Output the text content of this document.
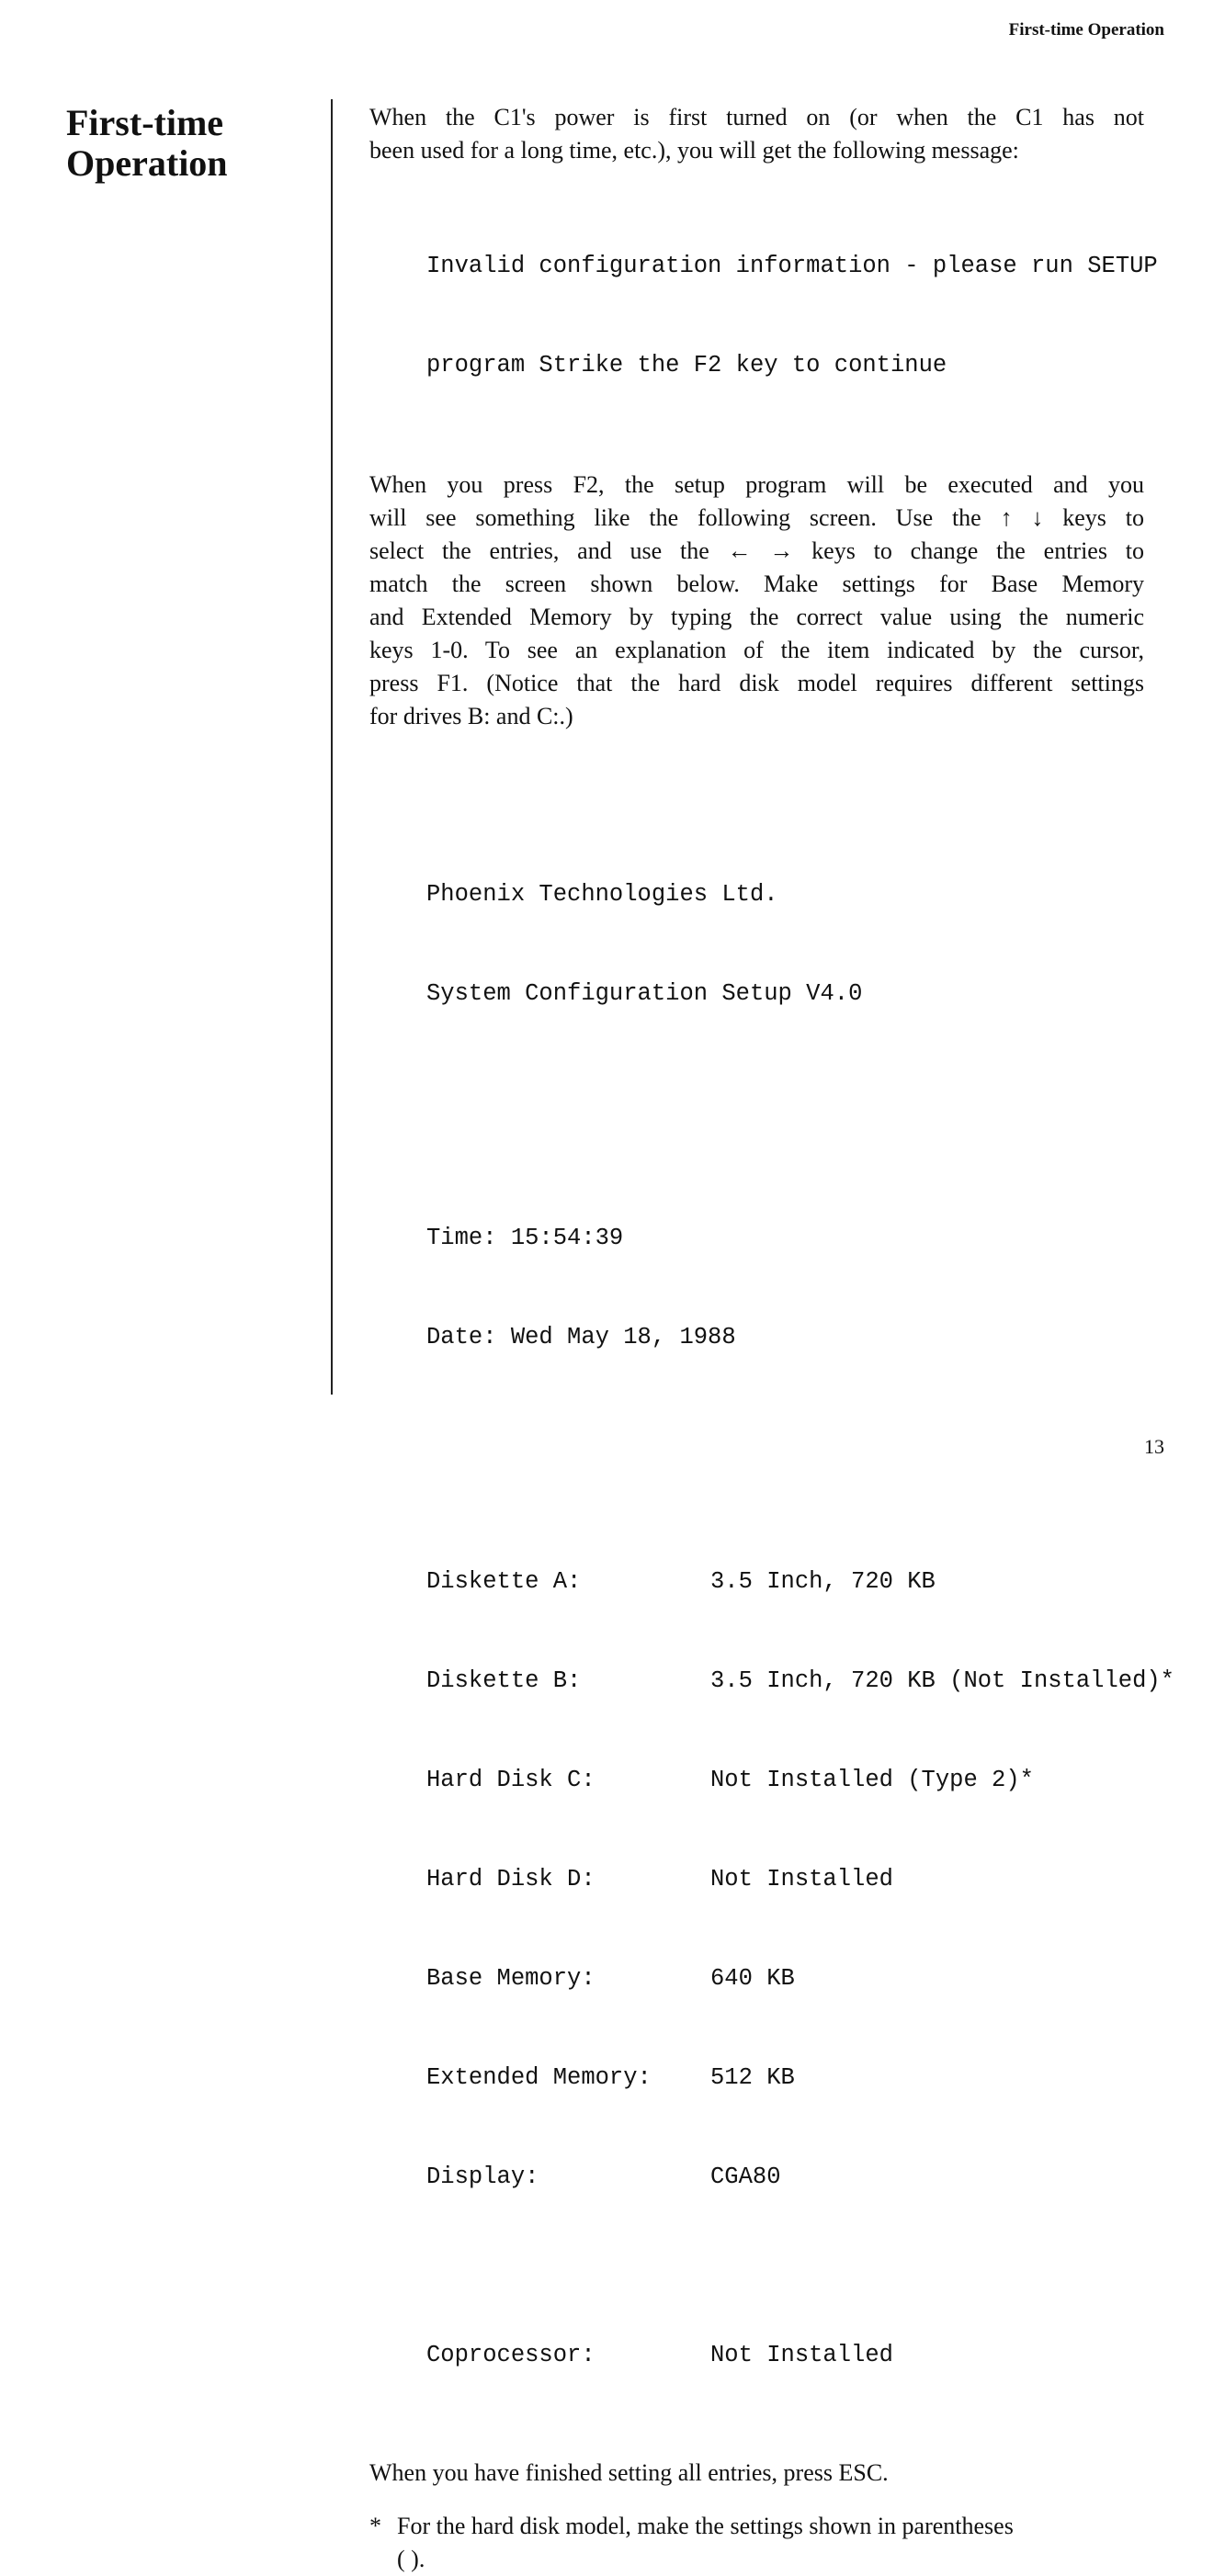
First-time Operation
First-time
Operation

When the C1's power is first turned on (or when the C1 has not
been used for a long time, etc.), you will get the following message:

Invalid configuration information - please run SETUP

program Strike the F2 key to continue

When you press F2, the setup program will be executed and you
will see something like the following screen. Use the ↑ ↓ keys to
select the entries, and use the ← → keys to change the entries to
match the screen shown below. Make settings for Base Memory
and Extended Memory by typing the correct value using the numeric
keys 1-0. To see an explanation of the item indicated by the cursor,
press F1. (Notice that the hard disk model requires different settings
for drives B: and C:.)

Phoenix Technologies Ltd.

System Configuration Setup V4.0

Time: 15:54:39

Date: Wed May 18, 1988

Diskette A:	3.5 Inch, 720 KB

Diskette B:	3.5 Inch, 720 KB (Not Installed)*

Hard Disk C:	Not Installed (Type 2)*

Hard Disk D:	Not Installed

Base Memory:	640 KB

Extended Memory:	512 KB

Display:	CGA80

Coprocessor:	Not Installed

When you have finished setting all entries, press ESC.

* For the hard disk model, make the settings shown in parentheses
( ).
13
